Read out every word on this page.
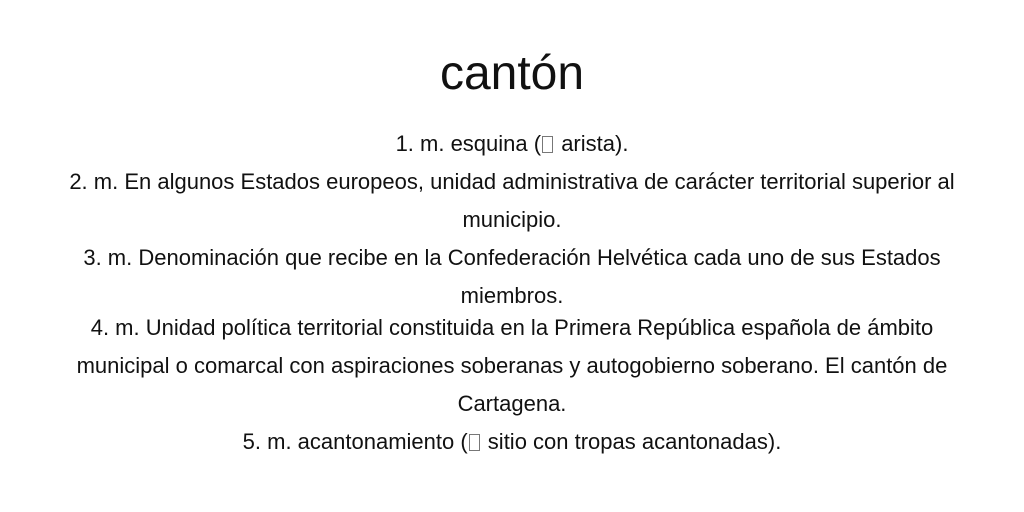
cantón
1. m. esquina ( arista).
2. m. En algunos Estados europeos, unidad administrativa de carácter territorial superior al municipio.
3. m. Denominación que recibe en la Confederación Helvética cada uno de sus Estados miembros.
4. m. Unidad política territorial constituida en la Primera República española de ámbito municipal o comarcal con aspiraciones soberanas y autogobierno soberano. El cantón de Cartagena.
5. m. acantonamiento ( sitio con tropas acantonadas).
